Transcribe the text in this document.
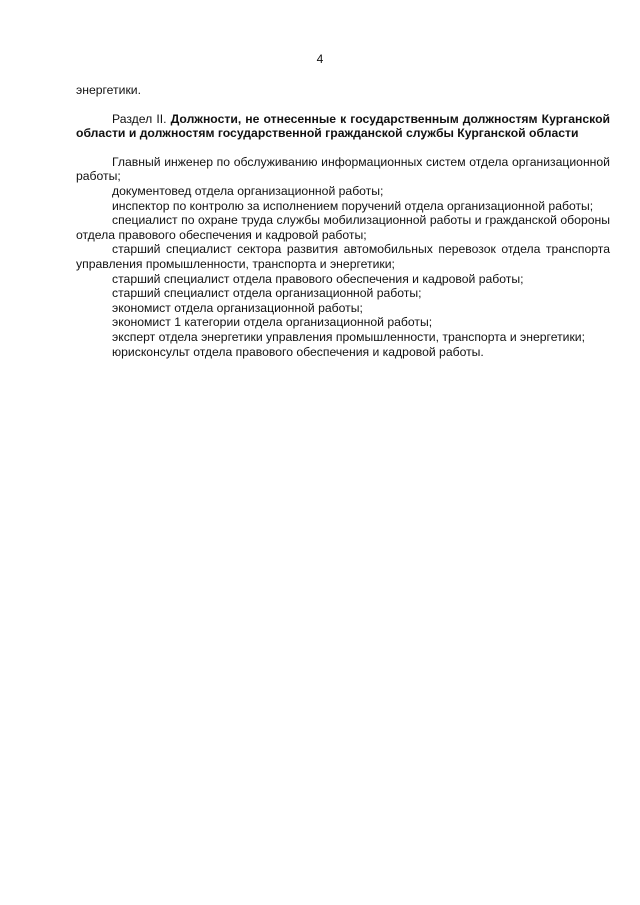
4

энергетики.

Раздел II. Должности, не отнесенные к государственным должностям Курганской области и должностям государственной гражданской службы Курганской области

Главный инженер по обслуживанию информационных систем отдела организационной работы;

документовед отдела организационной работы;

инспектор по контролю за исполнением поручений отдела организационной работы;

специалист по охране труда службы мобилизационной работы и гражданской обороны отдела правового обеспечения и кадровой работы;

старший специалист сектора развития автомобильных перевозок отдела транспорта управления промышленности, транспорта и энергетики;

старший специалист отдела правового обеспечения и кадровой работы;

старший специалист отдела организационной работы;

экономист отдела организационной работы;

экономист 1 категории отдела организационной работы;

эксперт отдела энергетики управления промышленности, транспорта и энергетики;

юрисконсульт отдела правового обеспечения и кадровой работы.
